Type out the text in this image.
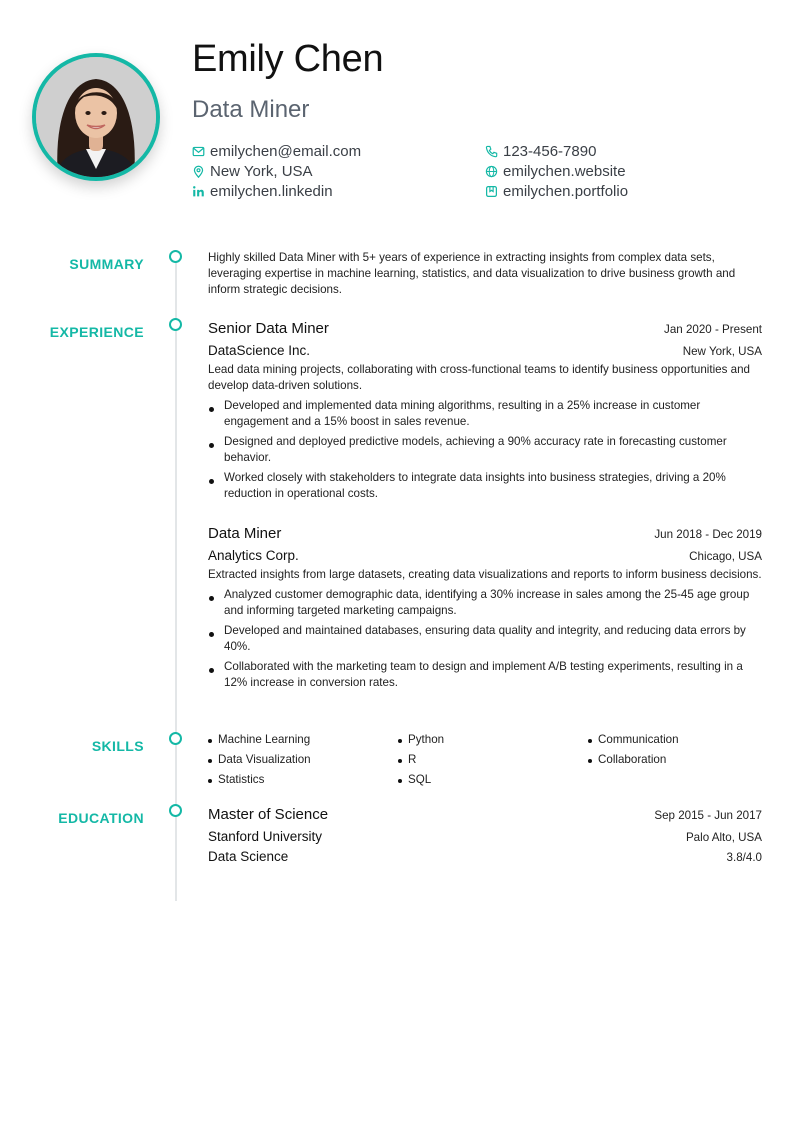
Emily Chen
Data Miner
emilychen@email.com	123-456-7890
New York, USA	emilychen.website
emilychen.linkedin	emilychen.portfolio
SUMMARY
EXPERIENCE
SKILLS
EDUCATION
Highly skilled Data Miner with 5+ years of experience in extracting insights from complex data sets, leveraging expertise in machine learning, statistics, and data visualization to drive business growth and inform strategic decisions.
Senior Data Miner	Jan 2020 - Present
DataScience Inc.	New York, USA
Lead data mining projects, collaborating with cross-functional teams to identify business opportunities and develop data-driven solutions.
Developed and implemented data mining algorithms, resulting in a 25% increase in customer engagement and a 15% boost in sales revenue.
Designed and deployed predictive models, achieving a 90% accuracy rate in forecasting customer behavior.
Worked closely with stakeholders to integrate data insights into business strategies, driving a 20% reduction in operational costs.
Data Miner	Jun 2018 - Dec 2019
Analytics Corp.	Chicago, USA
Extracted insights from large datasets, creating data visualizations and reports to inform business decisions.
Analyzed customer demographic data, identifying a 30% increase in sales among the 25-45 age group and informing targeted marketing campaigns.
Developed and maintained databases, ensuring data quality and integrity, and reducing data errors by 40%.
Collaborated with the marketing team to design and implement A/B testing experiments, resulting in a 12% increase in conversion rates.
Machine Learning	Python	Communication
Data Visualization	R	Collaboration
Statistics	SQL
Master of Science	Sep 2015 - Jun 2017
Stanford University	Palo Alto, USA
Data Science	3.8/4.0
